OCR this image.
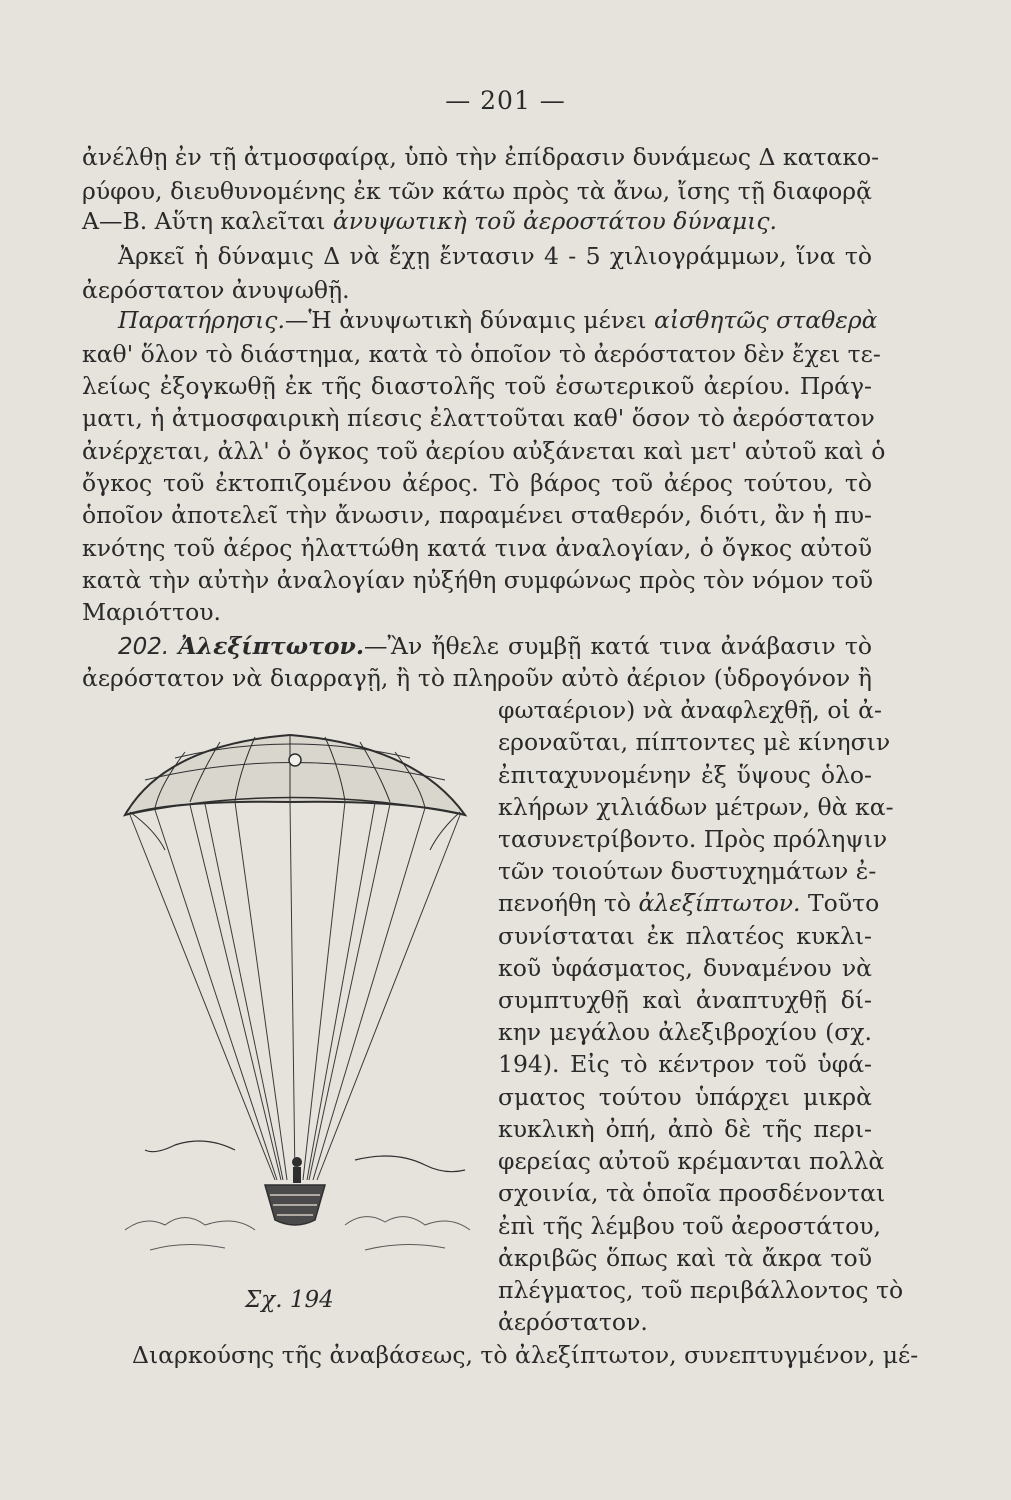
— 201 —
ἀνέλθῃ ἐν τῇ ἀτμοσφαίρᾳ, ὑπὸ τὴν ἐπίδρασιν δυνάμεως Δ κατακο-
ρύφου, διευθυνομένης ἐκ τῶν κάτω πρὸς τὰ ἄνω, ἴσης τῇ διαφορᾷ
Α—Β. Αὕτη καλεῖται ἀνυψωτικὴ τοῦ ἀεροστάτου δύναμις.
Ἀρκεῖ ἡ δύναμις Δ νὰ ἔχῃ ἔντασιν 4 - 5 χιλιογράμμων, ἵνα τὸ
ἀερόστατον ἀνυψωθῇ.
Παρατήρησις.—Ἡ ἀνυψωτικὴ δύναμις μένει αἰσθητῶς σταθερὰ
καθ' ὅλον τὸ διάστημα, κατὰ τὸ ὁποῖον τὸ ἀερόστατον δὲν ἔχει τε-
λείως ἐξογκωθῇ ἐκ τῆς διαστολῆς τοῦ ἐσωτερικοῦ ἀερίου. Πράγ-
ματι, ἡ ἀτμοσφαιρικὴ πίεσις ἐλαττοῦται καθ' ὅσον τὸ ἀερόστατον
ἀνέρχεται, ἀλλ' ὁ ὄγκος τοῦ ἀερίου αὐξάνεται καὶ μετ' αὐτοῦ καὶ ὁ
ὄγκος τοῦ ἐκτοπιζομένου ἀέρος. Τὸ βάρος τοῦ ἀέρος τούτου, τὸ
ὁποῖον ἀποτελεῖ τὴν ἄνωσιν, παραμένει σταθερόν, διότι, ἂν ἡ πυ-
κνότης τοῦ ἀέρος ἠλαττώθη κατά τινα ἀναλογίαν, ὁ ὄγκος αὐτοῦ
κατὰ τὴν αὐτὴν ἀναλογίαν ηὐξήθη συμφώνως πρὸς τὸν νόμον τοῦ
Μαριόττου.
202. Ἀλεξίπτωτον.—Ἂν ἤθελε συμβῇ κατά τινα ἀνάβασιν τὸ
ἀερόστατον νὰ διαρραγῇ, ἢ τὸ πληροῦν αὐτὸ ἀέριον (ὑδρογόνον ἢ
φωταέριον) νὰ ἀναφλεχθῇ, οἱ ἀ-
εροναῦται, πίπτοντες μὲ κίνησιν
ἐπιταχυνομένην ἐξ ὕψους ὁλο-
κλήρων χιλιάδων μέτρων, θὰ κα-
τασυνετρίβοντο. Πρὸς πρόληψιν
τῶν τοιούτων δυστυχημάτων ἐ-
πενοήθη τὸ ἀλεξίπτωτον. Τοῦτο
συνίσταται ἐκ πλατέος κυκλι-
κοῦ ὑφάσματος, δυναμένου νὰ
συμπτυχθῇ καὶ ἀναπτυχθῇ δί-
κην μεγάλου ἀλεξιβροχίου (σχ.
194). Εἰς τὸ κέντρον τοῦ ὑφά-
σματος τούτου ὑπάρχει μικρὰ
κυκλικὴ ὀπή, ἀπὸ δὲ τῆς περι-
φερείας αὐτοῦ κρέμανται πολλὰ
σχοινία, τὰ ὁποῖα προσδένονται
ἐπὶ τῆς λέμβου τοῦ ἀεροστάτου,
ἀκριβῶς ὅπως καὶ τὰ ἄκρα τοῦ
πλέγματος, τοῦ περιβάλλοντος τὸ
ἀερόστατον.
Διαρκούσης τῆς ἀναβάσεως, τὸ ἀλεξίπτωτον, συνεπτυγμένον, μέ-
Σχ. 194
